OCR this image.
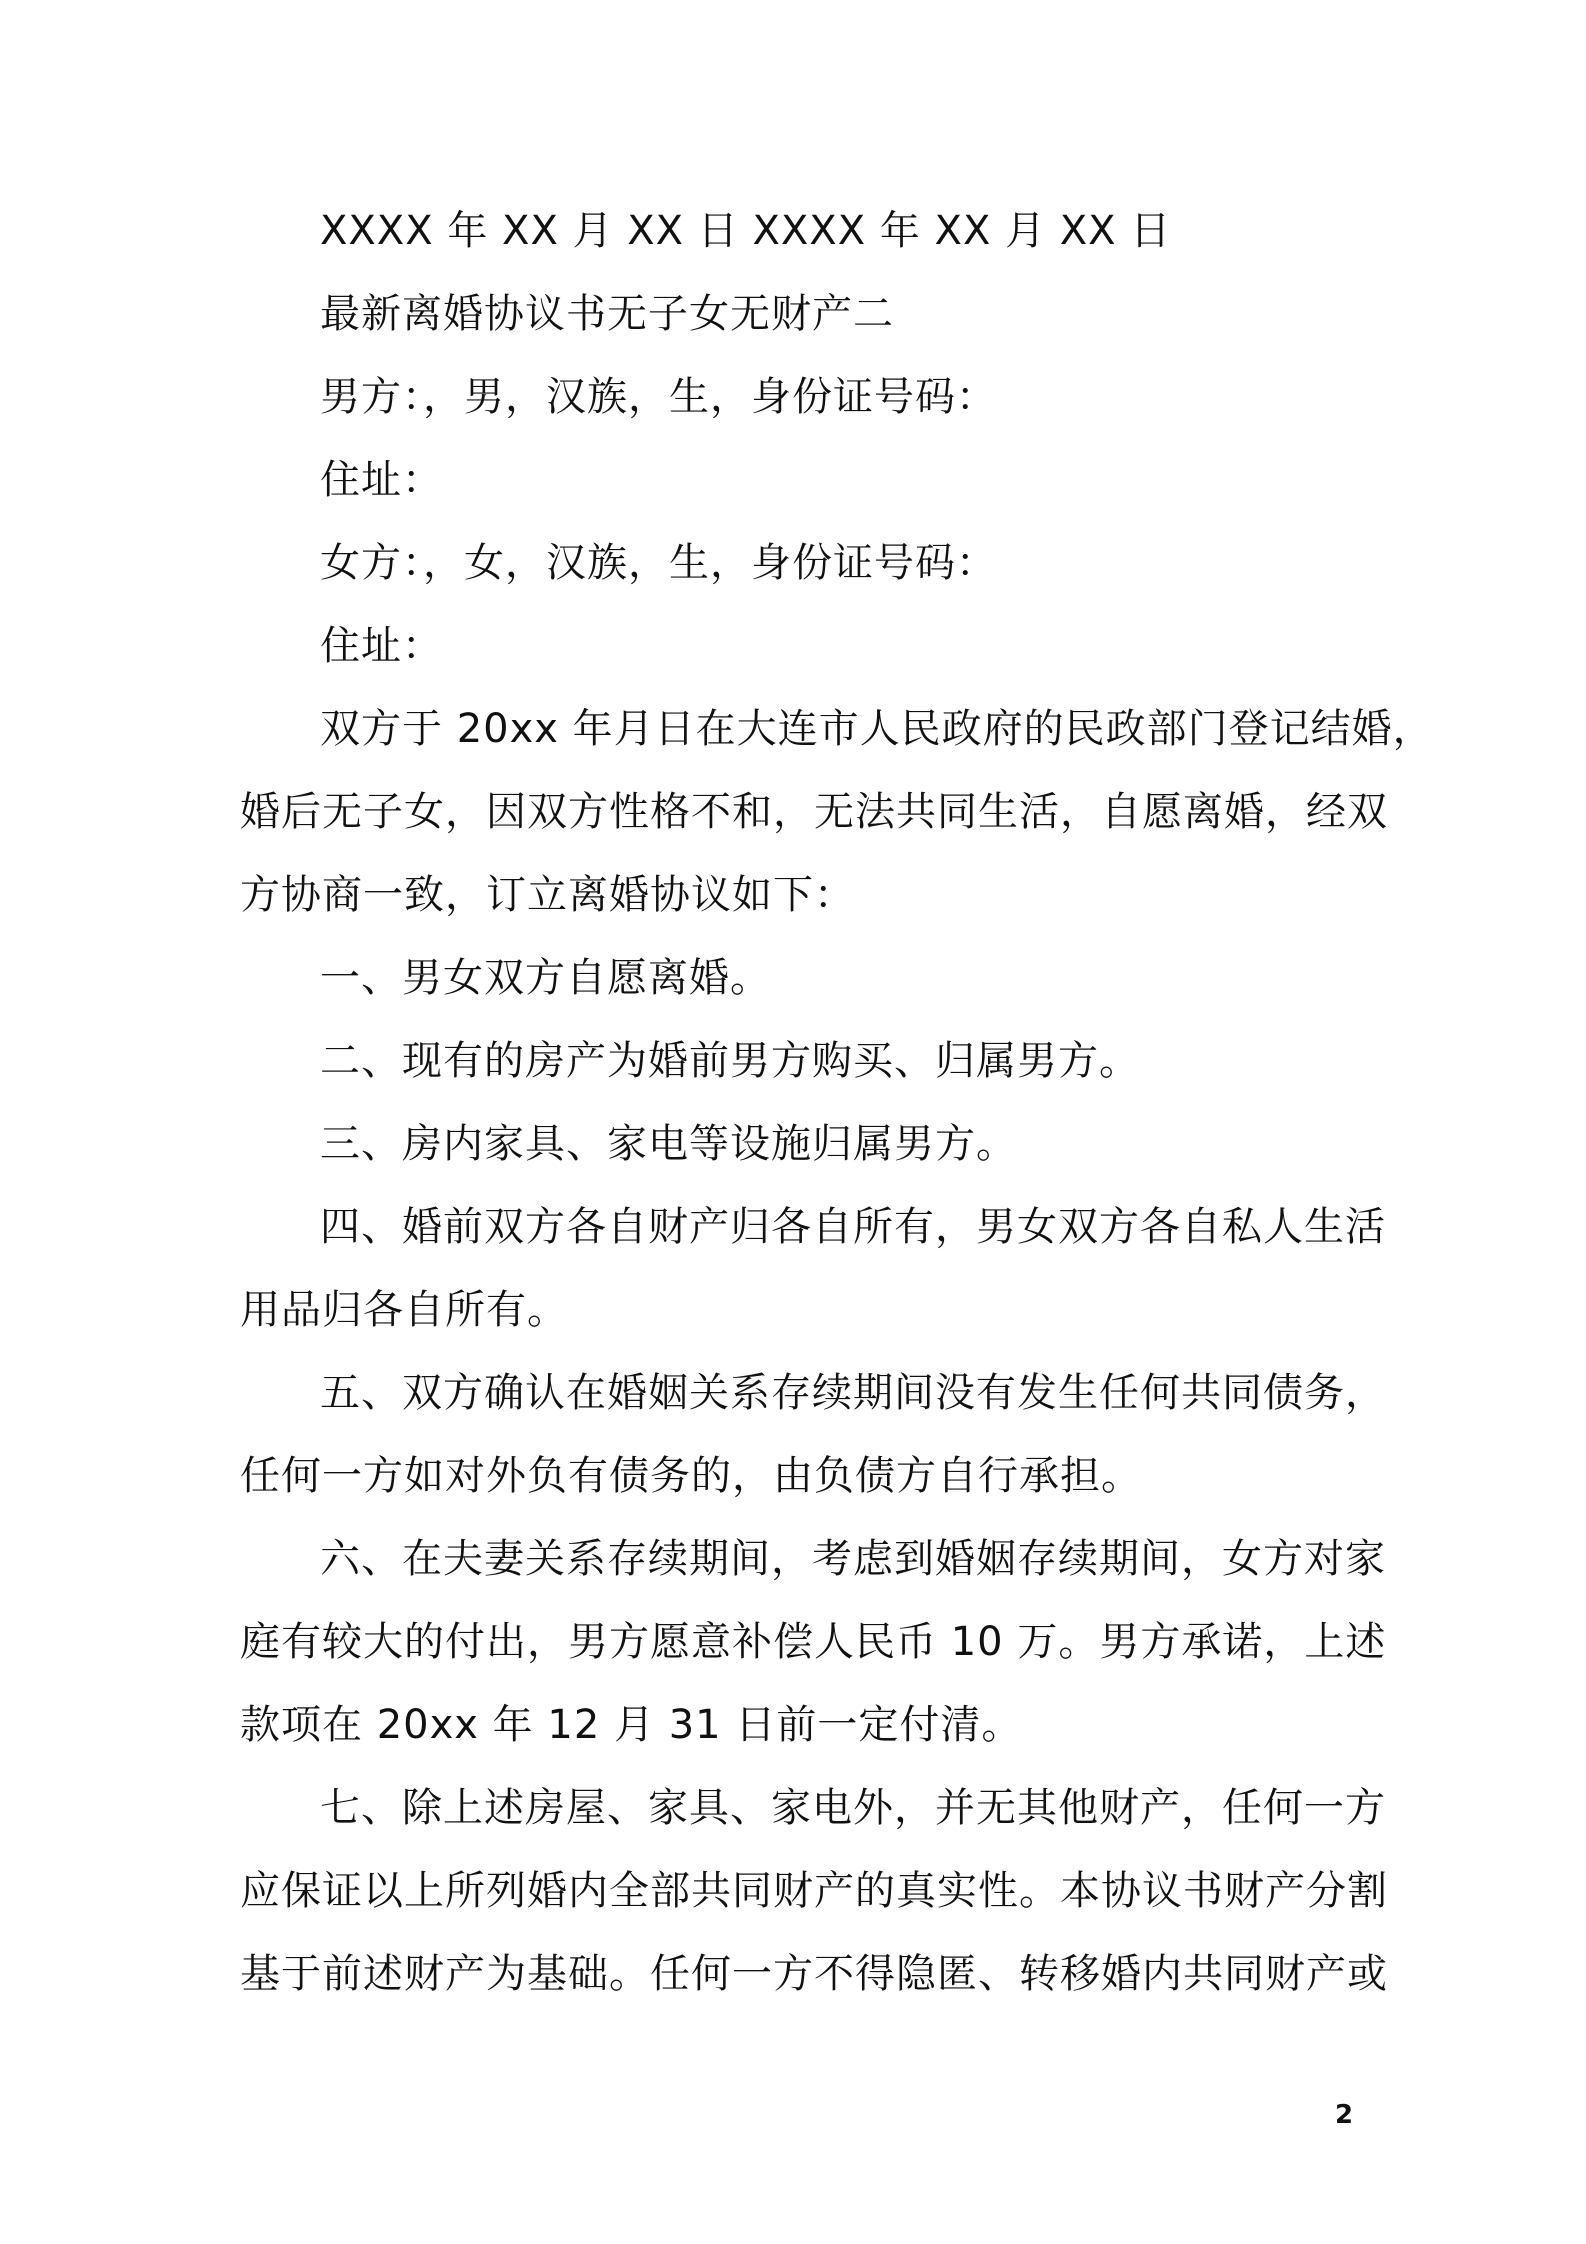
XXXX 年 XX 月 XX 日 XXXX 年 XX 月 XX 日

最新离婚协议书无子女无财产二

男方：，男，汉族，生，身份证号码：

住址：

女方：，女，汉族，生，身份证号码：

住址：

双方于 20xx 年月日在大连市人民政府的民政部门登记结婚，

婚后无子女，因双方性格不和，无法共同生活，自愿离婚，经双

方协商一致，订立离婚协议如下：

一、男女双方自愿离婚。

二、现有的房产为婚前男方购买、归属男方。

三、房内家具、家电等设施归属男方。

四、婚前双方各自财产归各自所有，男女双方各自私人生活

用品归各自所有。

五、双方确认在婚姻关系存续期间没有发生任何共同债务，

任何一方如对外负有债务的，由负债方自行承担。

六、在夫妻关系存续期间，考虑到婚姻存续期间，女方对家

庭有较大的付出，男方愿意补偿人民币 10 万。男方承诺，上述

款项在 20xx 年 12 月 31 日前一定付清。

七、除上述房屋、家具、家电外，并无其他财产，任何一方

应保证以上所列婚内全部共同财产的真实性。本协议书财产分割

基于前述财产为基础。任何一方不得隐匿、转移婚内共同财产或

2
